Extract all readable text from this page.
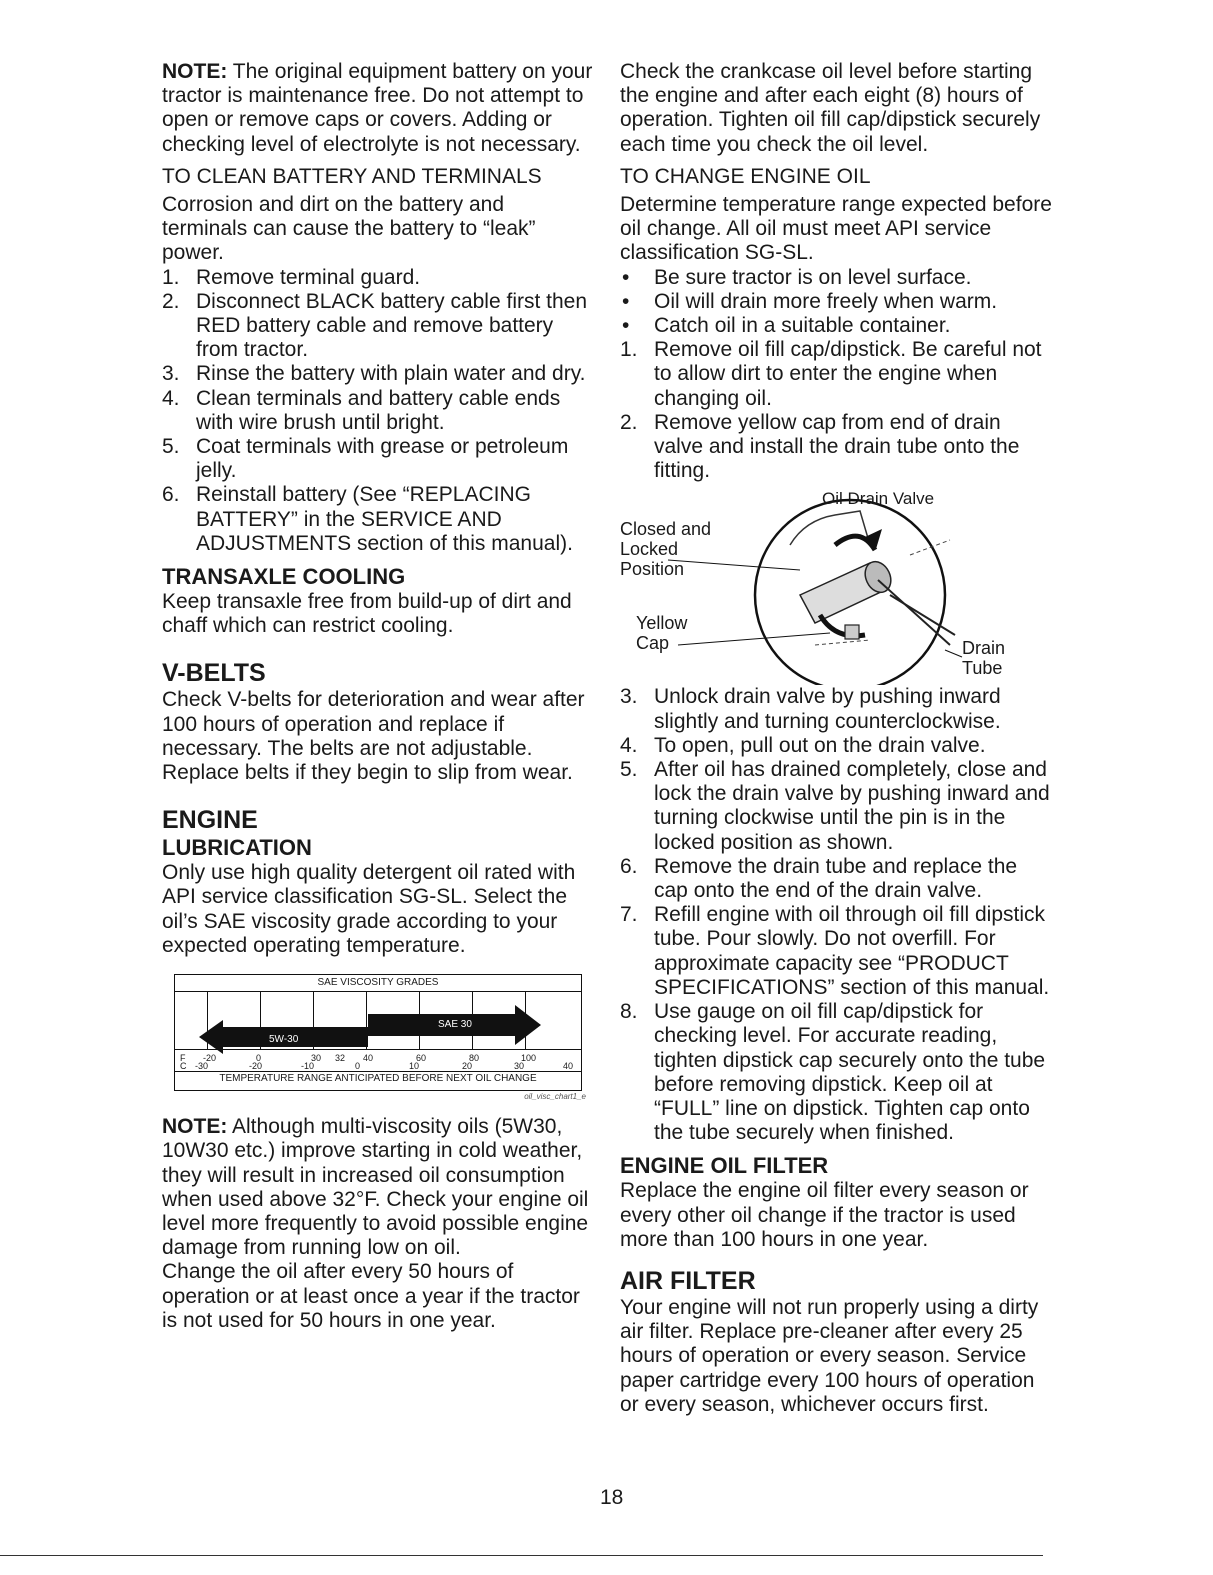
NOTE: The original equipment battery on your tractor is maintenance free. Do not attempt to open or remove caps or covers. Adding or checking level of electrolyte is not necessary.

TO CLEAN BATTERY AND TERMINALS

Corrosion and dirt on the battery and terminals can cause the battery to “leak” power.

1. Remove terminal guard.
2. Disconnect BLACK battery cable first then RED battery cable and remove battery from tractor.
3. Rinse the battery with plain water and dry.
4. Clean terminals and battery cable ends with wire brush until bright.
5. Coat terminals with grease or petroleum jelly.
6. Reinstall battery (See “REPLACING BATTERY” in the SERVICE AND ADJUSTMENTS section of this manual).

TRANSAXLE COOLING

Keep transaxle free from build-up of dirt and chaff which can restrict cooling.

V-BELTS

Check V-belts for deterioration and wear after 100 hours of operation and replace if necessary. The belts are not adjustable. Replace belts if they begin to slip from wear.

ENGINE

LUBRICATION

Only use high quality detergent oil rated with API service classification SG-SL. Select the oil’s SAE viscosity grade according to your expected operating temperature.

SAE VISCOSITY GRADES
SAE 30
5W-30
F -20	0	30 32 40	60	80	100
C -30	-20	-10	0	10	20	30	40
TEMPERATURE RANGE ANTICIPATED BEFORE NEXT OIL CHANGE
oil_visc_chart1_e

NOTE: Although multi-viscosity oils (5W30, 10W30 etc.) improve starting in cold weather, they will result in increased oil consumption when used above 32°F. Check your engine oil level more frequently to avoid possible engine damage from running low on oil.

Change the oil after every 50 hours of operation or at least once a year if the tractor is not used for 50 hours in one year.

Check the crankcase oil level before starting the engine and after each eight (8) hours of operation. Tighten oil fill cap/dipstick securely each time you check the oil level.

TO CHANGE ENGINE OIL

Determine temperature range expected before oil change. All oil must meet API service classification SG-SL.

• Be sure tractor is on level surface.
• Oil will drain more freely when warm.
• Catch oil in a suitable container.
1. Remove oil fill cap/dipstick. Be careful not to allow dirt to enter the engine when changing oil.
2. Remove yellow cap from end of drain valve and install the drain tube onto the fitting.
Oil Drain Valve
Closed and Locked Position
Yellow Cap	Drain Tube
3. Unlock drain valve by pushing inward slightly and turning counterclockwise.
4. To open, pull out on the drain valve.
5. After oil has drained completely, close and lock the drain valve by pushing inward and turning clockwise until the pin is in the locked position as shown.
6. Remove the drain tube and replace the cap onto the end of the drain valve.
7. Refill engine with oil through oil fill dipstick tube. Pour slowly. Do not overfill. For approximate capacity see “PRODUCT SPECIFICATIONS” section of this manual.
8. Use gauge on oil fill cap/dipstick for checking level. For accurate reading, tighten dipstick cap securely onto the tube before removing dipstick. Keep oil at “FULL” line on dipstick. Tighten cap onto the tube securely when finished.

ENGINE OIL FILTER

Replace the engine oil filter every season or every other oil change if the tractor is used more than 100 hours in one year.

AIR FILTER

Your engine will not run properly using a dirty air filter. Replace pre-cleaner after every 25 hours of operation or every season. Service paper cartridge every 100 hours of operation or every season, whichever occurs first.

18
